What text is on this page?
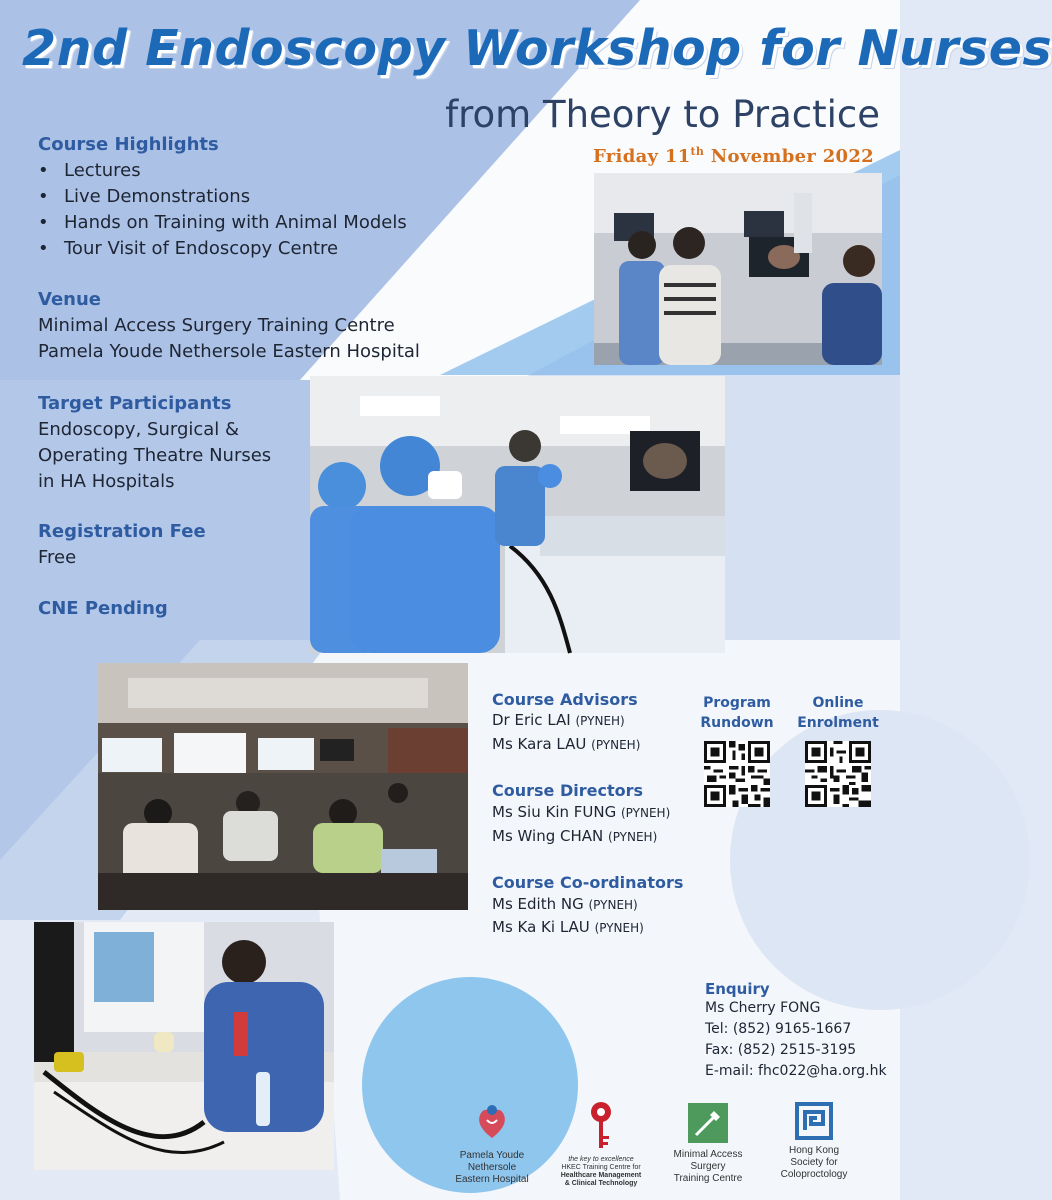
2nd Endoscopy Workshop for Nurses
from Theory to Practice
Friday 11th November 2022
Course Highlights
• Lectures
• Live Demonstrations
• Hands on Training with Animal Models
• Tour Visit of Endoscopy Centre
Venue
Minimal Access Surgery Training Centre
Pamela Youde Nethersole Eastern Hospital
Target Participants
Endoscopy, Surgical &
Operating Theatre Nurses
in HA Hospitals
Registration Fee
Free
CNE Pending
Course Advisors
Dr Eric LAI (PYNEH)
Ms Kara LAU (PYNEH)
Course Directors
Ms Siu Kin FUNG (PYNEH)
Ms Wing CHAN (PYNEH)
Course Co-ordinators
Ms Edith NG (PYNEH)
Ms Ka Ki LAU (PYNEH)
Program
Rundown
Online
Enrolment
Enquiry
Ms Cherry FONG
Tel: (852) 9165-1667
Fax: (852) 2515-3195
E-mail: fhc022@ha.org.hk
Pamela Youde
Nethersole
Eastern Hospital
the key to excellence
HKEC Training Centre for
Healthcare Management
& Clinical Technology
Minimal Access
Surgery
Training Centre
Hong Kong
Society for
Coloproctology
